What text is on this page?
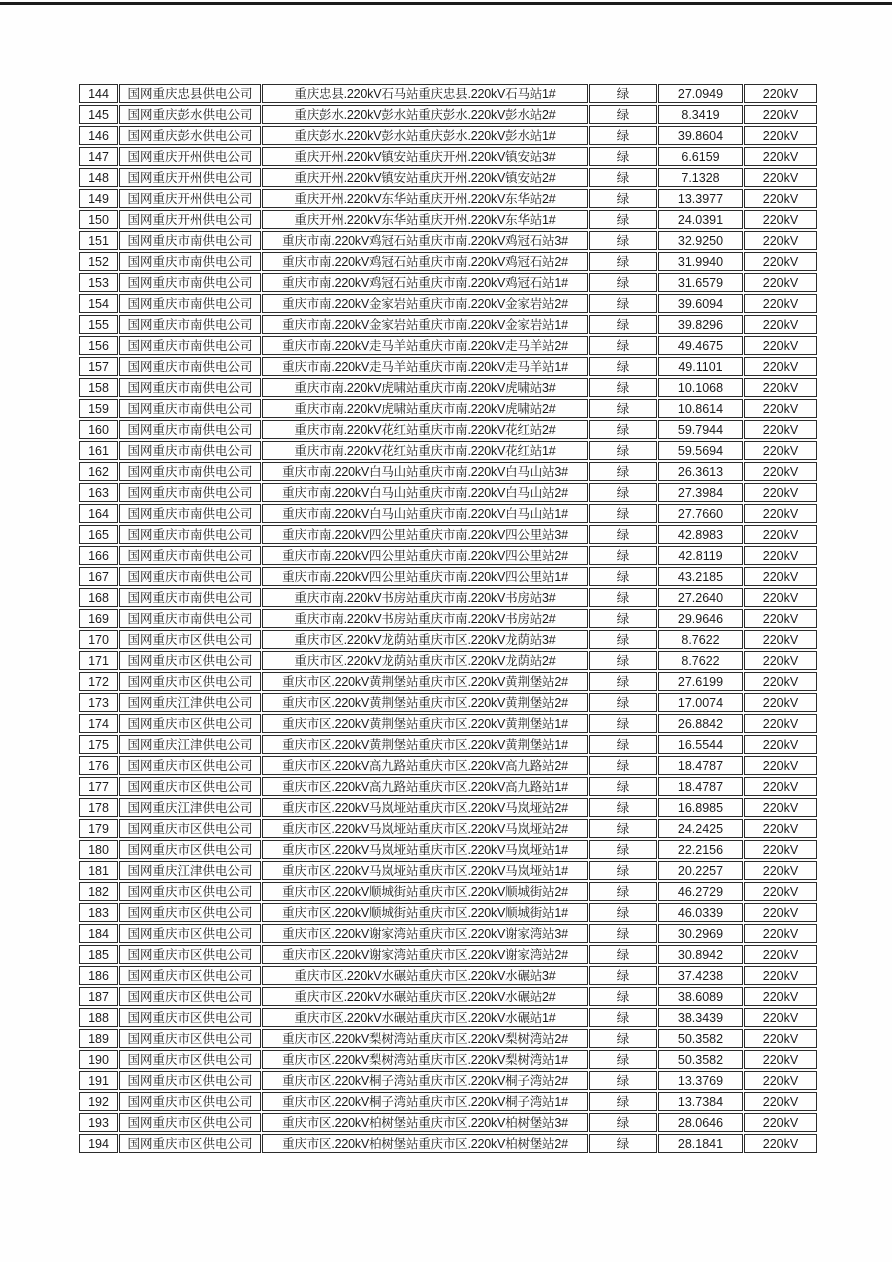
144	国网重庆忠县供电公司	重庆忠县.220kV石马站重庆忠县.220kV石马站1#	绿	27.0949	220kV
145	国网重庆彭水供电公司	重庆彭水.220kV彭水站重庆彭水.220kV彭水站2#	绿	8.3419	220kV
146	国网重庆彭水供电公司	重庆彭水.220kV彭水站重庆彭水.220kV彭水站1#	绿	39.8604	220kV
147	国网重庆开州供电公司	重庆开州.220kV镇安站重庆开州.220kV镇安站3#	绿	6.6159	220kV
148	国网重庆开州供电公司	重庆开州.220kV镇安站重庆开州.220kV镇安站2#	绿	7.1328	220kV
149	国网重庆开州供电公司	重庆开州.220kV东华站重庆开州.220kV东华站2#	绿	13.3977	220kV
150	国网重庆开州供电公司	重庆开州.220kV东华站重庆开州.220kV东华站1#	绿	24.0391	220kV
151	国网重庆市南供电公司	重庆市南.220kV鸡冠石站重庆市南.220kV鸡冠石站3#	绿	32.9250	220kV
152	国网重庆市南供电公司	重庆市南.220kV鸡冠石站重庆市南.220kV鸡冠石站2#	绿	31.9940	220kV
153	国网重庆市南供电公司	重庆市南.220kV鸡冠石站重庆市南.220kV鸡冠石站1#	绿	31.6579	220kV
154	国网重庆市南供电公司	重庆市南.220kV金家岩站重庆市南.220kV金家岩站2#	绿	39.6094	220kV
155	国网重庆市南供电公司	重庆市南.220kV金家岩站重庆市南.220kV金家岩站1#	绿	39.8296	220kV
156	国网重庆市南供电公司	重庆市南.220kV走马羊站重庆市南.220kV走马羊站2#	绿	49.4675	220kV
157	国网重庆市南供电公司	重庆市南.220kV走马羊站重庆市南.220kV走马羊站1#	绿	49.1101	220kV
158	国网重庆市南供电公司	重庆市南.220kV虎啸站重庆市南.220kV虎啸站3#	绿	10.1068	220kV
159	国网重庆市南供电公司	重庆市南.220kV虎啸站重庆市南.220kV虎啸站2#	绿	10.8614	220kV
160	国网重庆市南供电公司	重庆市南.220kV花红站重庆市南.220kV花红站2#	绿	59.7944	220kV
161	国网重庆市南供电公司	重庆市南.220kV花红站重庆市南.220kV花红站1#	绿	59.5694	220kV
162	国网重庆市南供电公司	重庆市南.220kV白马山站重庆市南.220kV白马山站3#	绿	26.3613	220kV
163	国网重庆市南供电公司	重庆市南.220kV白马山站重庆市南.220kV白马山站2#	绿	27.3984	220kV
164	国网重庆市南供电公司	重庆市南.220kV白马山站重庆市南.220kV白马山站1#	绿	27.7660	220kV
165	国网重庆市南供电公司	重庆市南.220kV四公里站重庆市南.220kV四公里站3#	绿	42.8983	220kV
166	国网重庆市南供电公司	重庆市南.220kV四公里站重庆市南.220kV四公里站2#	绿	42.8119	220kV
167	国网重庆市南供电公司	重庆市南.220kV四公里站重庆市南.220kV四公里站1#	绿	43.2185	220kV
168	国网重庆市南供电公司	重庆市南.220kV书房站重庆市南.220kV书房站3#	绿	27.2640	220kV
169	国网重庆市南供电公司	重庆市南.220kV书房站重庆市南.220kV书房站2#	绿	29.9646	220kV
170	国网重庆市区供电公司	重庆市区.220kV龙荫站重庆市区.220kV龙荫站3#	绿	8.7622	220kV
171	国网重庆市区供电公司	重庆市区.220kV龙荫站重庆市区.220kV龙荫站2#	绿	8.7622	220kV
172	国网重庆市区供电公司	重庆市区.220kV黄荆堡站重庆市区.220kV黄荆堡站2#	绿	27.6199	220kV
173	国网重庆江津供电公司	重庆市区.220kV黄荆堡站重庆市区.220kV黄荆堡站2#	绿	17.0074	220kV
174	国网重庆市区供电公司	重庆市区.220kV黄荆堡站重庆市区.220kV黄荆堡站1#	绿	26.8842	220kV
175	国网重庆江津供电公司	重庆市区.220kV黄荆堡站重庆市区.220kV黄荆堡站1#	绿	16.5544	220kV
176	国网重庆市区供电公司	重庆市区.220kV高九路站重庆市区.220kV高九路站2#	绿	18.4787	220kV
177	国网重庆市区供电公司	重庆市区.220kV高九路站重庆市区.220kV高九路站1#	绿	18.4787	220kV
178	国网重庆江津供电公司	重庆市区.220kV马岚垭站重庆市区.220kV马岚垭站2#	绿	16.8985	220kV
179	国网重庆市区供电公司	重庆市区.220kV马岚垭站重庆市区.220kV马岚垭站2#	绿	24.2425	220kV
180	国网重庆市区供电公司	重庆市区.220kV马岚垭站重庆市区.220kV马岚垭站1#	绿	22.2156	220kV
181	国网重庆江津供电公司	重庆市区.220kV马岚垭站重庆市区.220kV马岚垭站1#	绿	20.2257	220kV
182	国网重庆市区供电公司	重庆市区.220kV顺城街站重庆市区.220kV顺城街站2#	绿	46.2729	220kV
183	国网重庆市区供电公司	重庆市区.220kV顺城街站重庆市区.220kV顺城街站1#	绿	46.0339	220kV
184	国网重庆市区供电公司	重庆市区.220kV谢家湾站重庆市区.220kV谢家湾站3#	绿	30.2969	220kV
185	国网重庆市区供电公司	重庆市区.220kV谢家湾站重庆市区.220kV谢家湾站2#	绿	30.8942	220kV
186	国网重庆市区供电公司	重庆市区.220kV水碾站重庆市区.220kV水碾站3#	绿	37.4238	220kV
187	国网重庆市区供电公司	重庆市区.220kV水碾站重庆市区.220kV水碾站2#	绿	38.6089	220kV
188	国网重庆市区供电公司	重庆市区.220kV水碾站重庆市区.220kV水碾站1#	绿	38.3439	220kV
189	国网重庆市区供电公司	重庆市区.220kV梨树湾站重庆市区.220kV梨树湾站2#	绿	50.3582	220kV
190	国网重庆市区供电公司	重庆市区.220kV梨树湾站重庆市区.220kV梨树湾站1#	绿	50.3582	220kV
191	国网重庆市区供电公司	重庆市区.220kV桐子湾站重庆市区.220kV桐子湾站2#	绿	13.3769	220kV
192	国网重庆市区供电公司	重庆市区.220kV桐子湾站重庆市区.220kV桐子湾站1#	绿	13.7384	220kV
193	国网重庆市区供电公司	重庆市区.220kV柏树堡站重庆市区.220kV柏树堡站3#	绿	28.0646	220kV
194	国网重庆市区供电公司	重庆市区.220kV柏树堡站重庆市区.220kV柏树堡站2#	绿	28.1841	220kV
